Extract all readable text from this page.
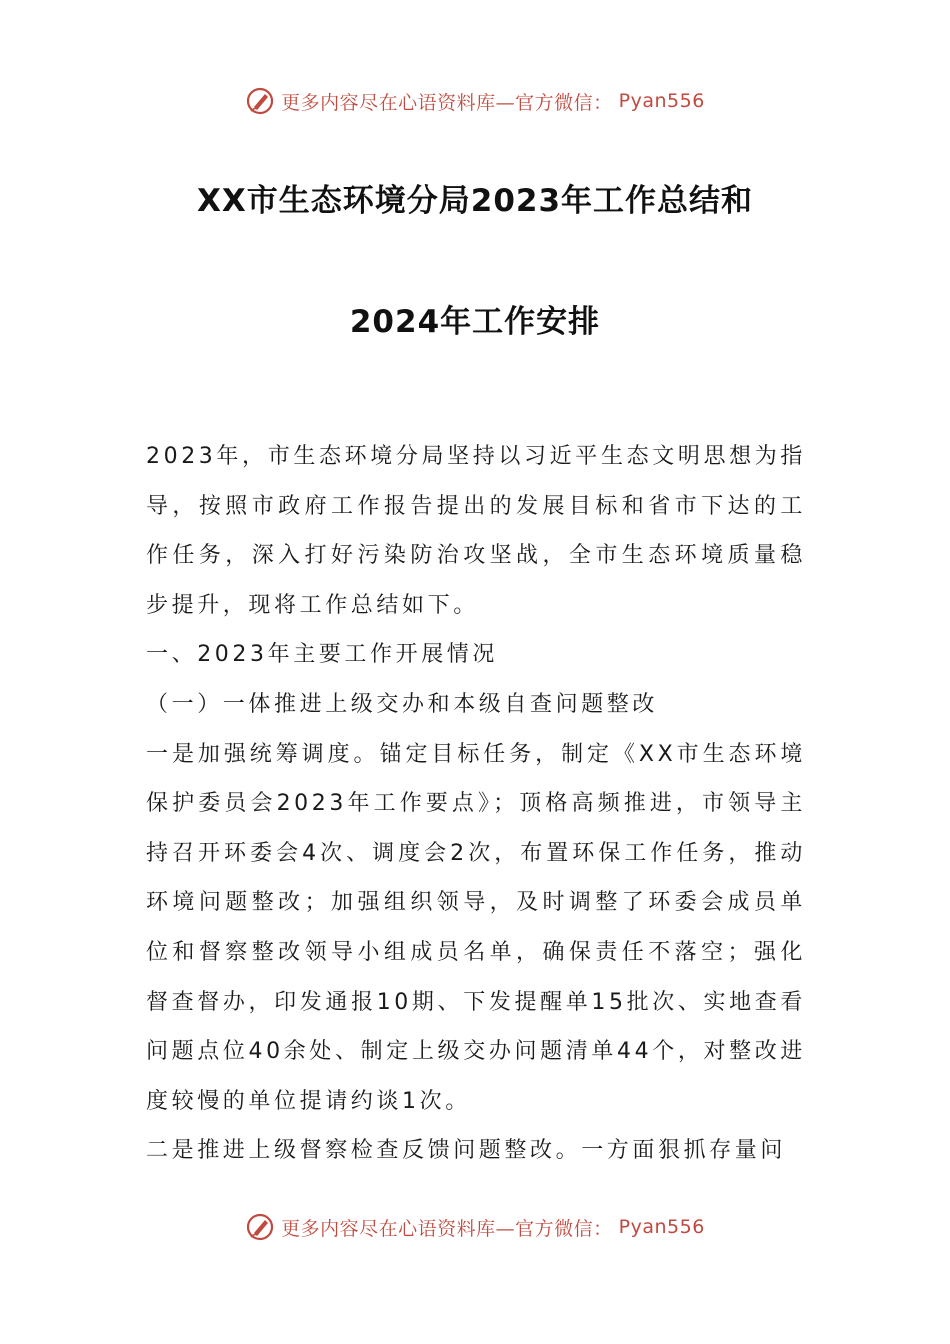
更多内容尽在心语资料库—官方微信： Pyan556
XX市生态环境分局2023年工作总结和
2024年工作安排

2023年，市生态环境分局坚持以习近平生态文明思想为指导，按照市政府工作报告提出的发展目标和省市下达的工作任务，深入打好污染防治攻坚战，全市生态环境质量稳步提升，现将工作总结如下。

一、2023年主要工作开展情况

（一）一体推进上级交办和本级自查问题整改

一是加强统筹调度。锚定目标任务，制定《XX市生态环境保护委员会2023年工作要点》；顶格高频推进，市领导主持召开环委会4次、调度会2次，布置环保工作任务，推动环境问题整改；加强组织领导，及时调整了环委会成员单位和督察整改领导小组成员名单，确保责任不落空；强化督查督办，印发通报10期、下发提醒单15批次、实地查看问题点位40余处、制定上级交办问题清单44个，对整改进度较慢的单位提请约谈1次。

二是推进上级督察检查反馈问题整改。一方面狠抓存量问

更多内容尽在心语资料库—官方微信： Pyan556
